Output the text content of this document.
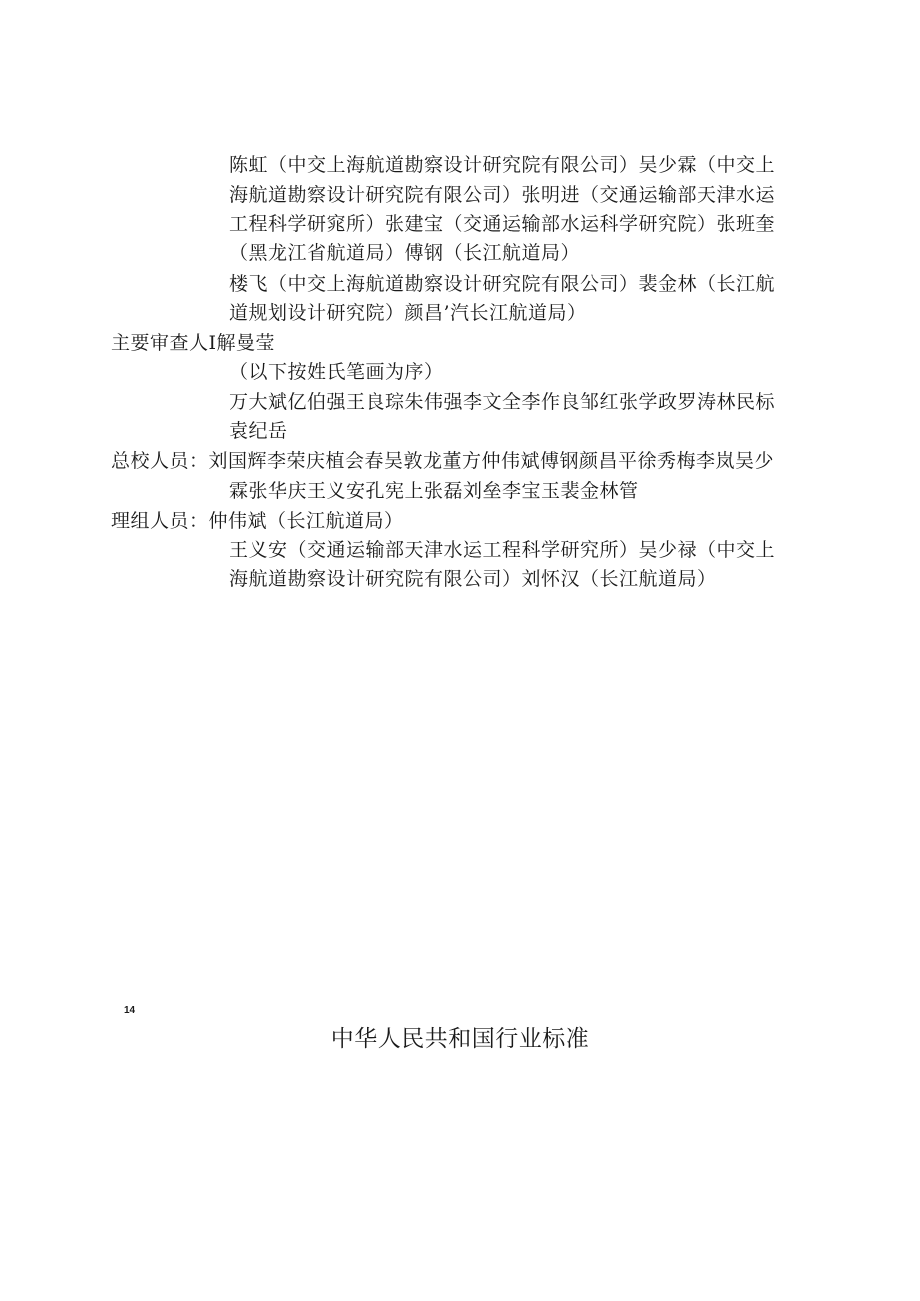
陈虹（中交上海航道勘察设计研究院有限公司）吴少霖（中交上
海航道勘察设计研究院有限公司）张明进（交通运输部天津水运
工程科学研窕所）张建宝（交通运输部水运科学研究院）张班奎
（黑龙江省航道局）傅钢（长江航道局）
楼飞（中交上海航道勘察设计研究院有限公司）裴金林（长江航
道规划设计研究院）颜昌’汽长江航道局）
主要审查人I解曼莹
（以下按姓氏笔画为序）
万大斌亿伯强王良琮朱伟强李文全李作良邹红张学政罗涛林民标
袁纪岳
总校人员：刘国辉李荣庆植会春吴敦龙董方仲伟斌傅钢颜昌平徐秀梅李岚吴少
霖张华庆王义安孔宪上张磊刘垒李宝玉裴金林管
理组人员：仲伟斌（长江航道局）
王义安（交通运输部天津水运工程科学研究所）吴少禄（中交上
海航道勘察设计研究院有限公司）刘怀汉（长江航道局）
14
中华人民共和国行业标准
